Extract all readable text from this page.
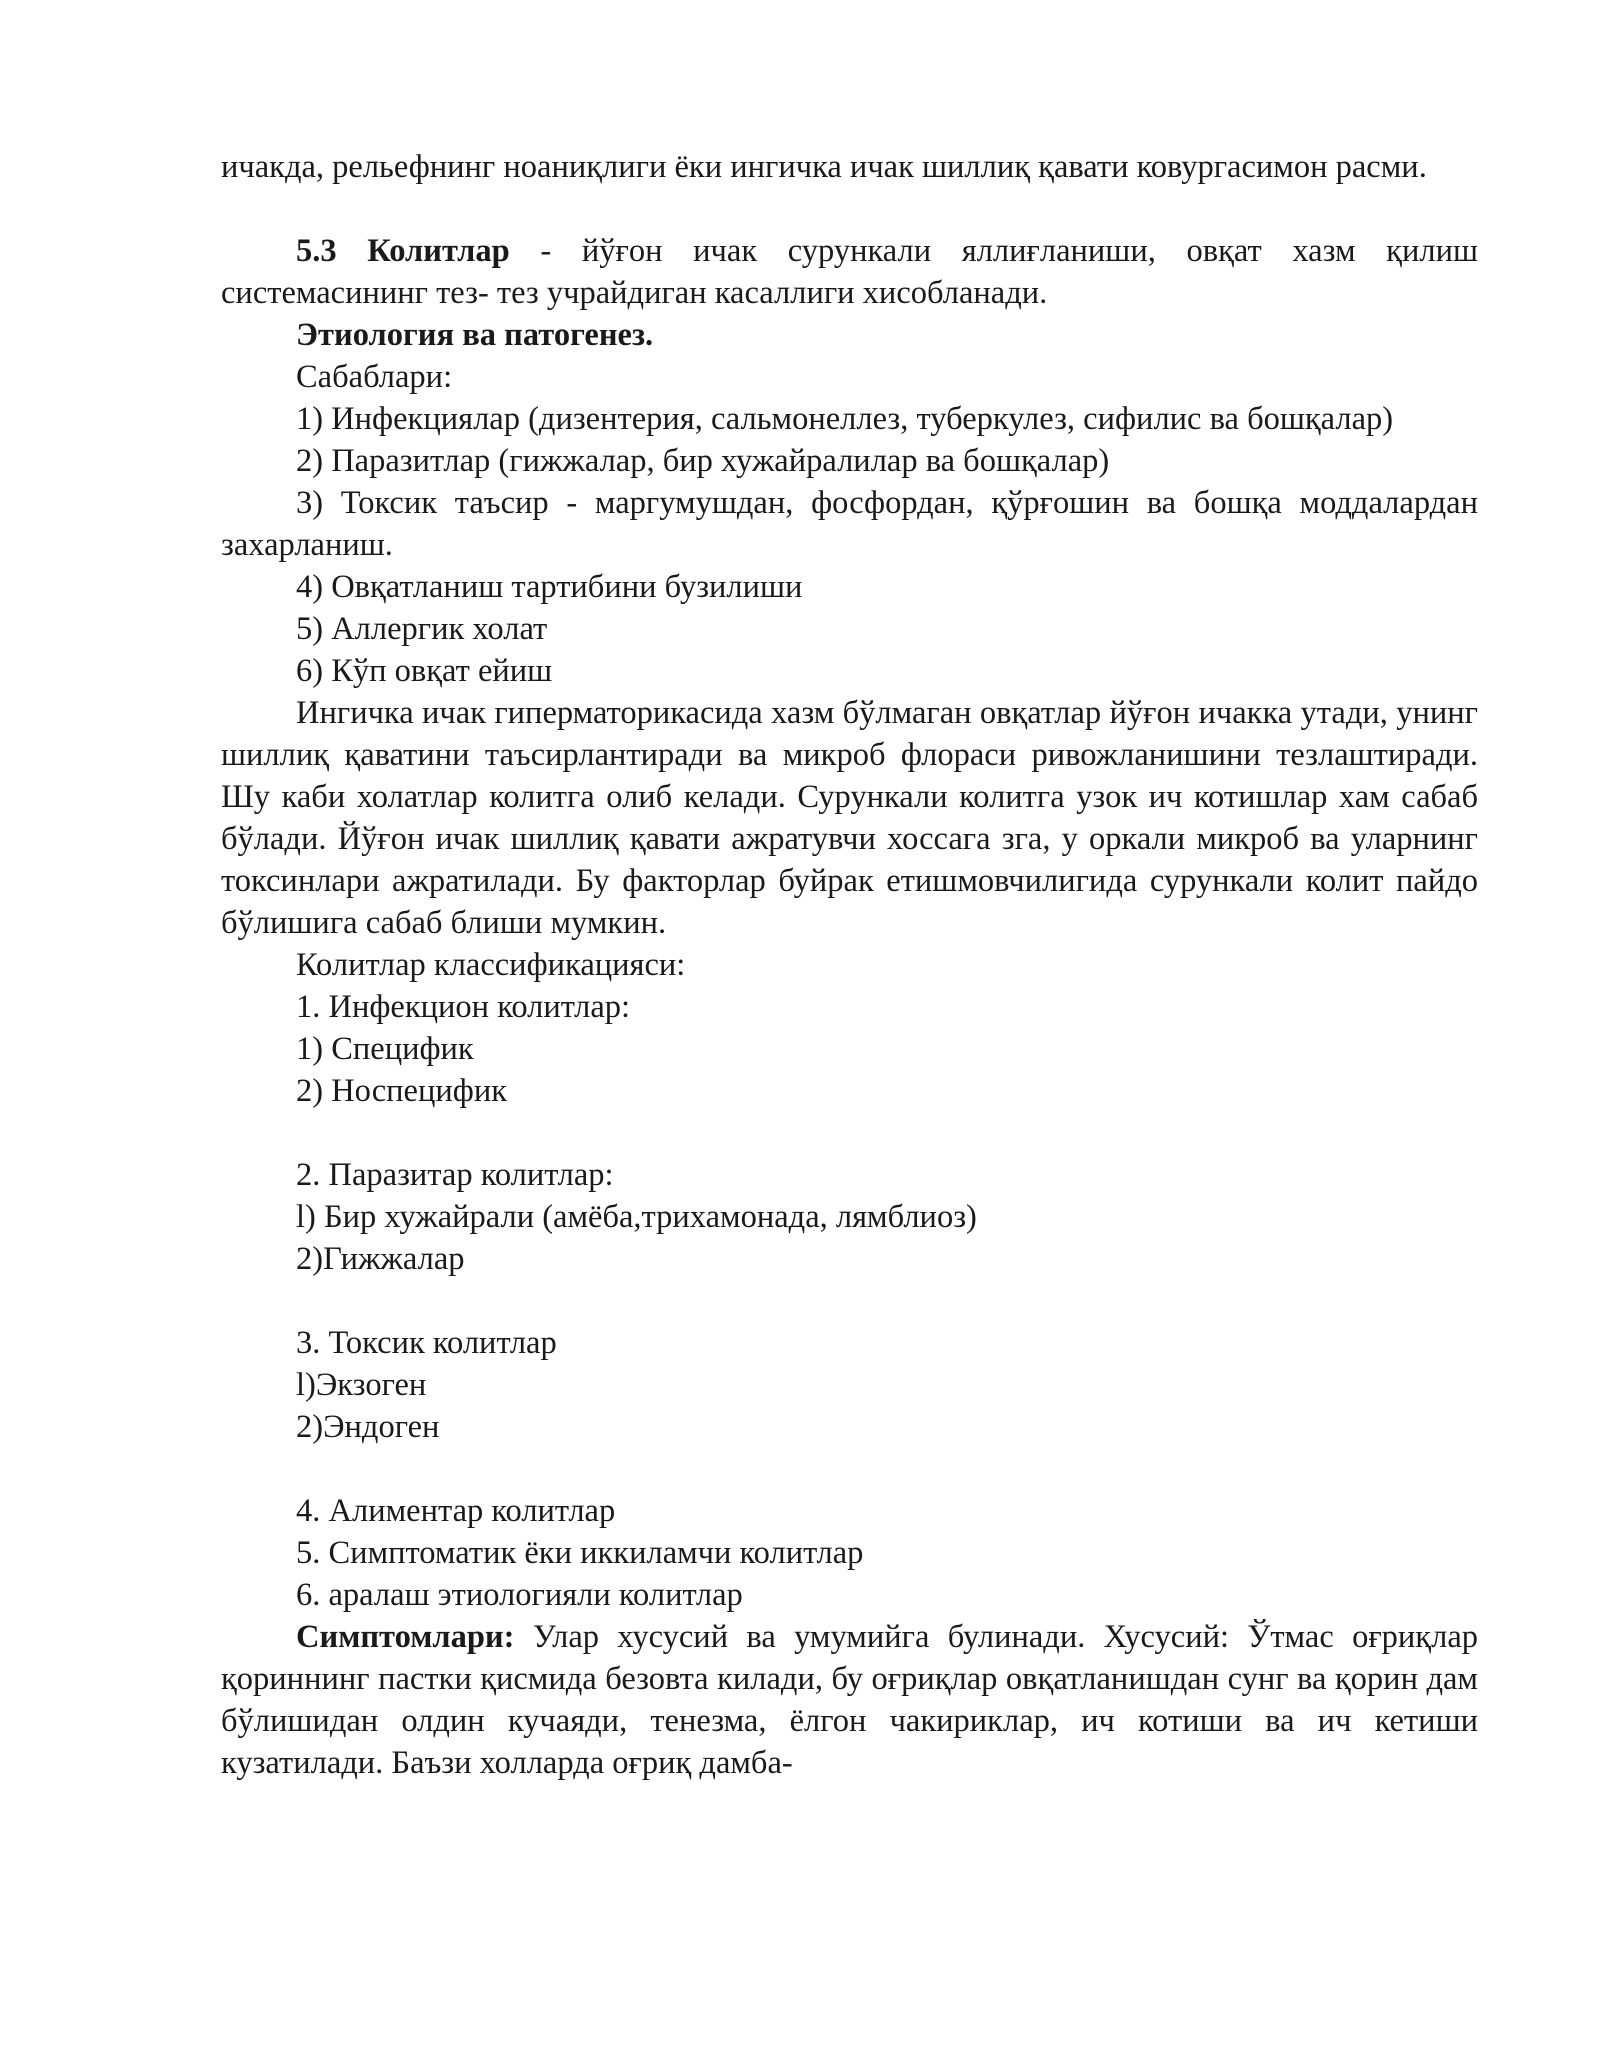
ичакда, рельефнинг ноаниқлиги ёки ингичка ичак шиллиқ қавати ковургасимон расми.

5.3 Колитлар - йўғон ичак сурункали яллиғланиши, овқат хазм қилиш системасининг тез- тез учрайдиган касаллиги хисобланади.

Этиология ва патогенез.

Сабаблари:

1) Инфекциялар (дизентерия, сальмонеллез, туберкулез, сифилис ва бошқалар)

2) Паразитлар (гижжалар, бир хужайралилар ва бошқалар)

3) Токсик таъсир - маргумушдан, фосфордан, қўрғошин ва бошқа моддалардан захарланиш.

4) Овқатланиш тартибини бузилиши

5) Аллергик холат

6) Кўп овқат ейиш

Ингичка ичак гиперматорикасида хазм бўлмаган овқатлар йўғон ичакка утади, унинг шиллиқ қаватини таъсирлантиради ва микроб флораси ривожланишини тезлаштиради. Шу каби холатлар колитга олиб келади. Сурункали колитга узок ич котишлар хам сабаб бўлади. Йўғон ичак шиллиқ қавати ажратувчи хоссага зга, у оркали микроб ва уларнинг токсинлари ажратилади. Бу факторлар буйрак етишмовчилигида сурункали колит пайдо бўлишига сабаб блиши мумкин.

Колитлар классификацияси:

1. Инфекцион колитлар:

1) Специфик

2) Носпецифик

2. Паразитар колитлар:

l) Бир хужайрали (амёба,трихамонада, лямблиоз)

2)Гижжалар

3. Токсик колитлар

l)Экзоген

2)Эндоген

4. Алиментар колитлар

5. Симптоматик ёки иккиламчи колитлар

6. аралаш этиологияли колитлар

Симптомлари: Улар хусусий ва умумийга булинади. Хусусий: Ўтмас оғриқлар қориннинг пастки қисмида безовта килади, бу оғриқлар овқатланишдан сунг ва қорин дам бўлишидан олдин кучаяди, тенезма, ёлгон чакириклар, ич котиши ва ич кетиши кузатилади. Баъзи холларда оғриқ дамба-
